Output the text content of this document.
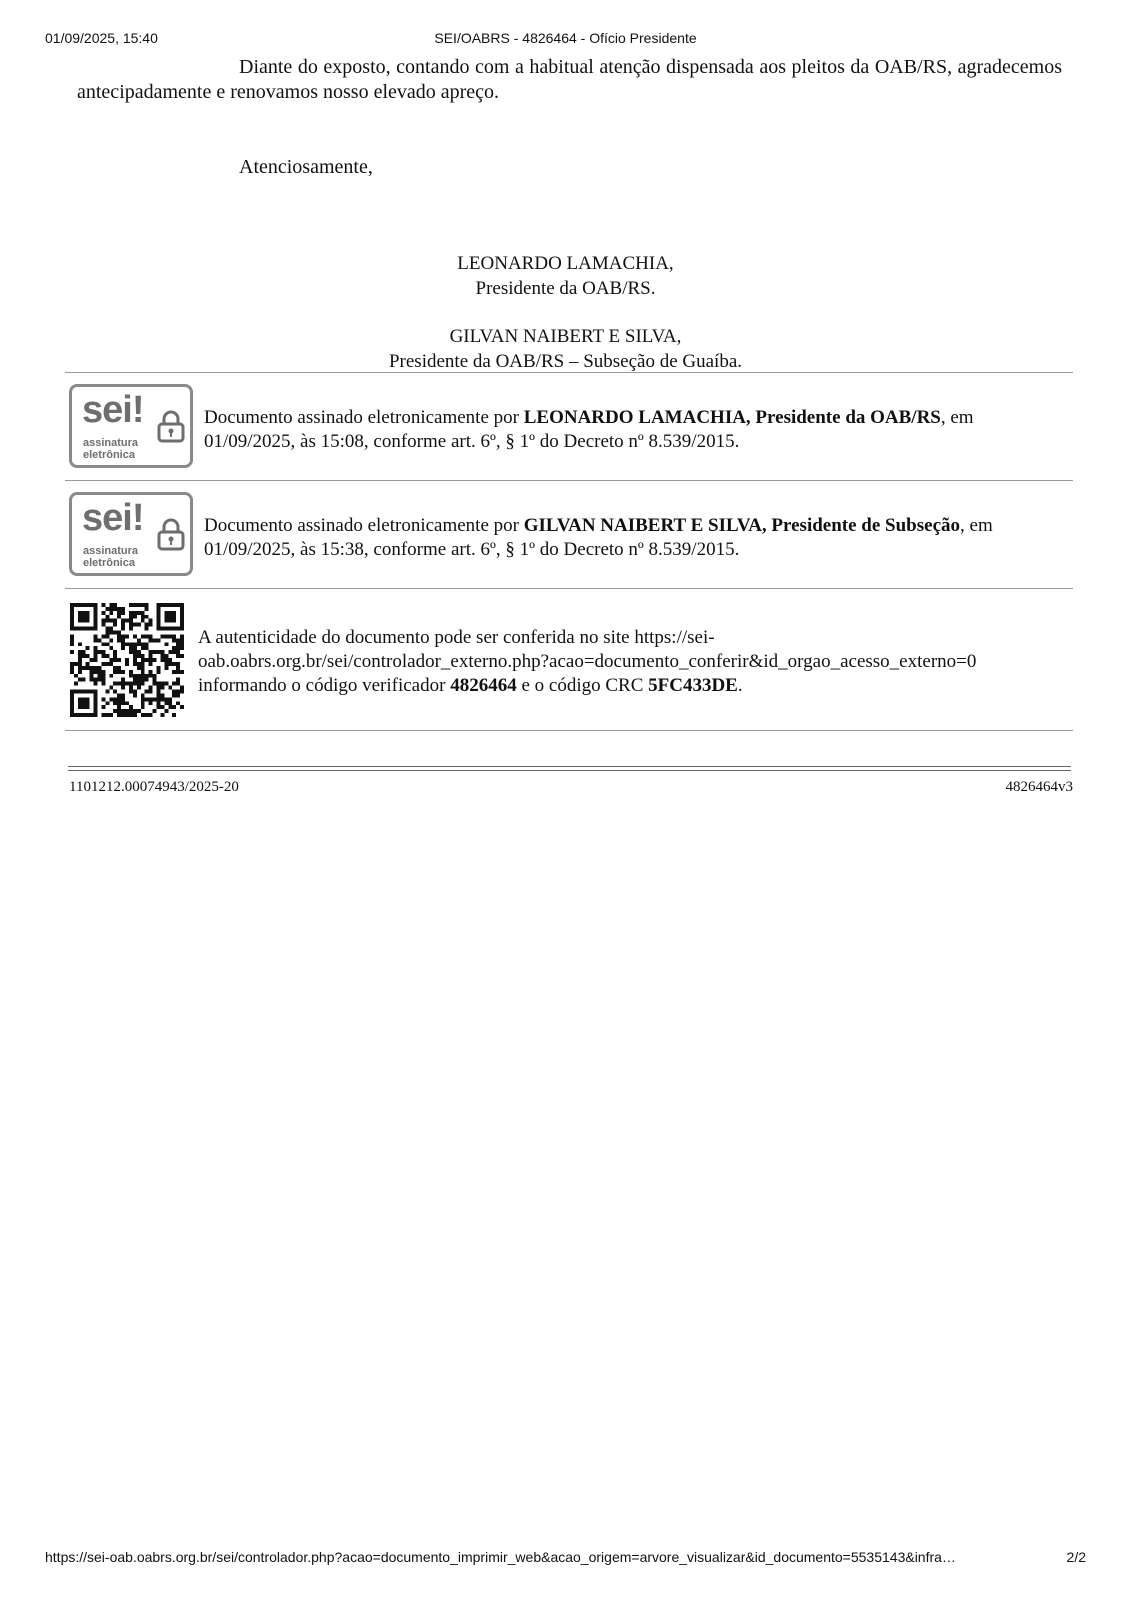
01/09/2025, 15:40	SEI/OABRS - 4826464 - Ofício Presidente
Diante do exposto, contando com a habitual atenção dispensada aos pleitos da OAB/RS, agradecemos antecipadamente e renovamos nosso elevado apreço.
Atenciosamente,
LEONARDO LAMACHIA,
Presidente da OAB/RS.
GILVAN NAIBERT E SILVA,
Presidente da OAB/RS – Subseção de Guaíba.
sei!
assinatura
eletrônica
Documento assinado eletronicamente por LEONARDO LAMACHIA, Presidente da OAB/RS, em 01/09/2025, às 15:08, conforme art. 6º, § 1º do Decreto nº 8.539/2015.
sei!
assinatura
eletrônica
Documento assinado eletronicamente por GILVAN NAIBERT E SILVA, Presidente de Subseção, em 01/09/2025, às 15:38, conforme art. 6º, § 1º do Decreto nº 8.539/2015.
A autenticidade do documento pode ser conferida no site https://sei-oab.oabrs.org.br/sei/controlador_externo.php?acao=documento_conferir&id_orgao_acesso_externo=0 informando o código verificador 4826464 e o código CRC 5FC433DE.
1101212.00074943/2025-20	4826464v3
https://sei-oab.oabrs.org.br/sei/controlador.php?acao=documento_imprimir_web&acao_origem=arvore_visualizar&id_documento=5535143&infra…	2/2
